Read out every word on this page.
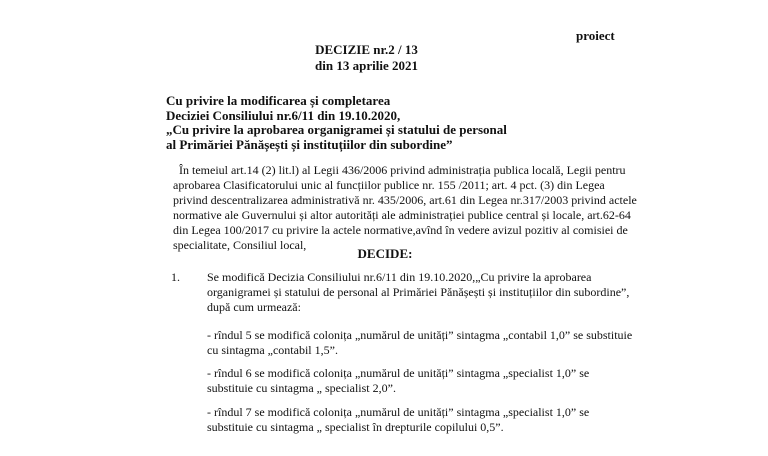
proiect
DECIZIE nr.2 / 13
din 13 aprilie 2021
Cu privire la modificarea și completarea
Deciziei Consiliului nr.6/11 din 19.10.2020,
„Cu privire la aprobarea organigramei și statului de personal
al Primăriei Pănășești și instituțiilor din subordine”
În temeiul art.14 (2) lit.l) al Legii 436/2006 privind administrația publica locală, Legii pentru
aprobarea Clasificatorului unic al funcțiilor publice nr. 155 /2011; art. 4 pct. (3) din Legea
privind descentralizarea administrativă nr. 435/2006, art.61 din Legea nr.317/2003 privind actele
normative ale Guvernului și altor autorități ale administrației publice central și locale, art.62-64
din Legea 100/2017 cu privire la actele normative,avînd în vedere avizul pozitiv al comisiei de
specialitate, Consiliul local,
DECIDE:
1. Se modifică Decizia Consiliului nr.6/11 din 19.10.2020,„Cu privire la aprobarea
organigramei și statului de personal al Primăriei Pănășești și instituțiilor din subordine”,
după cum urmează:
- rîndul 5 se modifică colonița „numărul de unități” sintagma „contabil 1,0” se substituie
cu sintagma „contabil 1,5”.
- rîndul 6 se modifică colonița „numărul de unități” sintagma „specialist 1,0” se
substituie cu sintagma „ specialist 2,0”.
- rîndul 7 se modifică colonița „numărul de unități” sintagma „specialist 1,0” se
substituie cu sintagma „ specialist în drepturile copilului 0,5”.
